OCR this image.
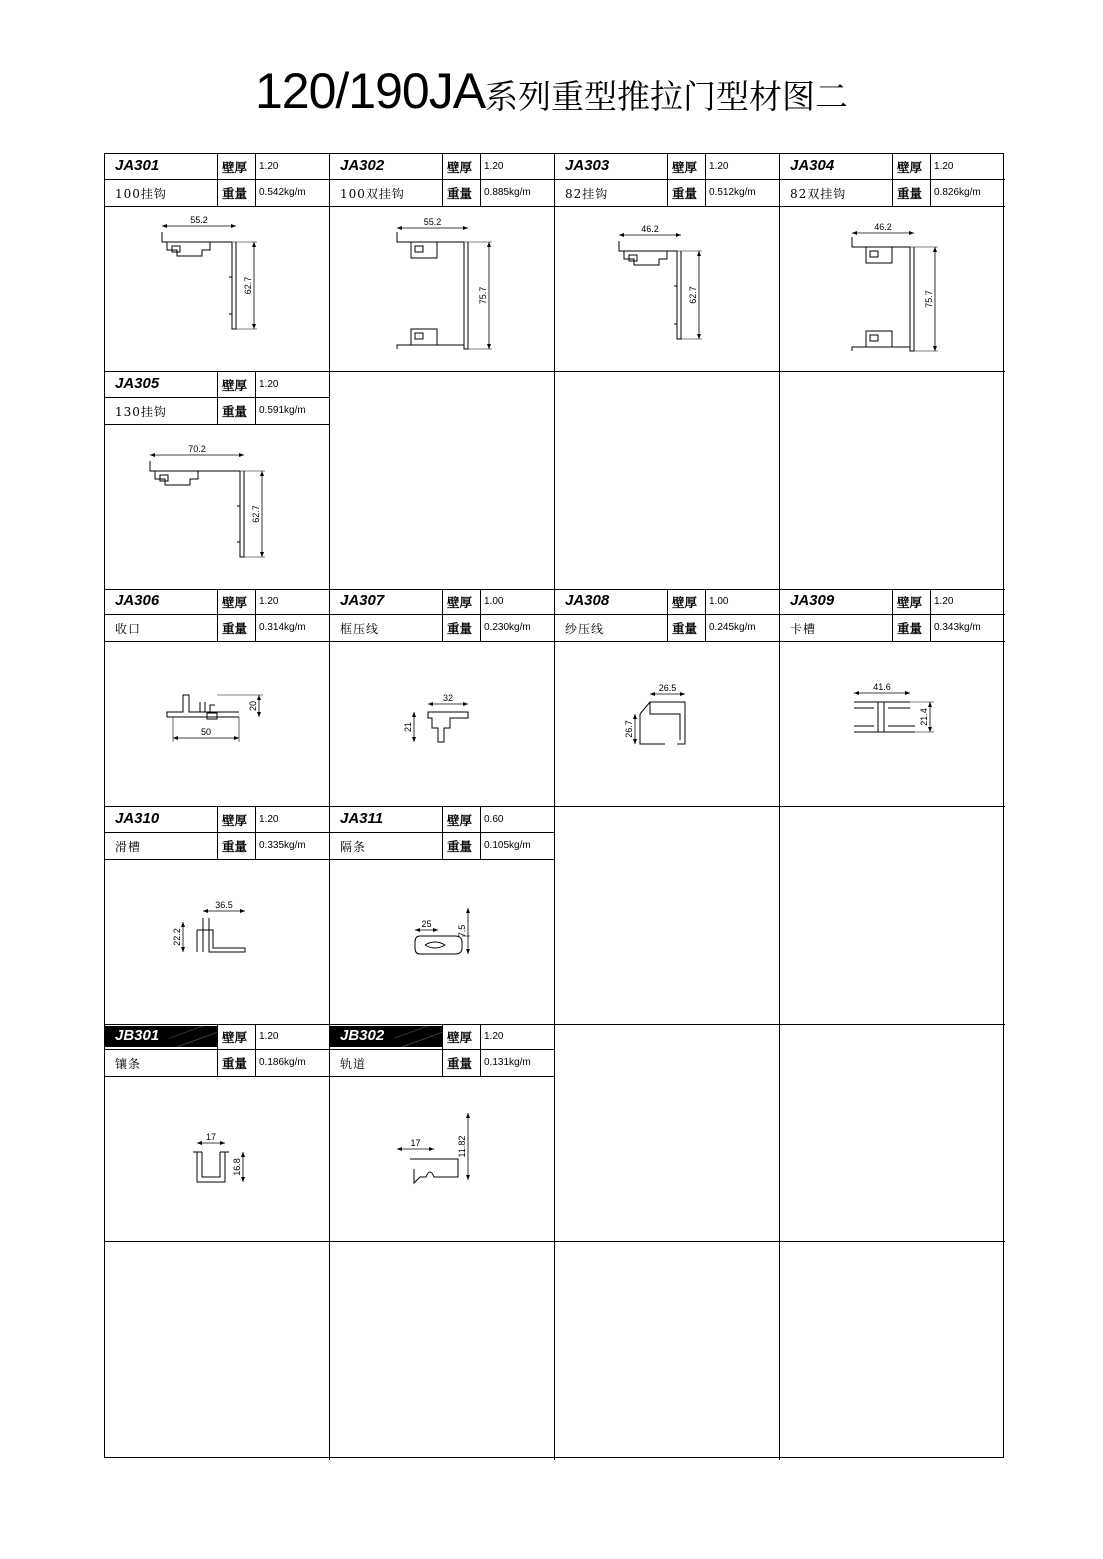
120/190JA系列重型推拉门型材图二
JA301	壁厚 1.20
100挂钩	重量 0.542kg/m
55.2
62.7
JA302	壁厚 1.20
100双挂钩	重量 0.885kg/m
55.2
75.7
JA303	壁厚 1.20
82挂钩	重量 0.512kg/m
46.2
62.7
JA304	壁厚 1.20
82双挂钩	重量 0.826kg/m
46.2
75.7
JA305	壁厚 1.20
130挂钩	重量 0.591kg/m
70.2
62.7
JA306	壁厚 1.20
收口	重量 0.314kg/m
20
50
JA307	壁厚 1.00
框压线	重量 0.230kg/m
32
21
JA308	壁厚 1.00
纱压线	重量 0.245kg/m
26.5
26.7
JA309	壁厚 1.20
卡槽	重量 0.343kg/m
41.6
21.4
JA310	壁厚 1.20
滑槽	重量 0.335kg/m
36.5
22.2
JA311	壁厚 0.60
隔条	重量 0.105kg/m
25
7.5
JB301	壁厚 1.20
镶条	重量 0.186kg/m
17
16.8
JB302	壁厚 1.20
轨道	重量 0.131kg/m
17	11.82
